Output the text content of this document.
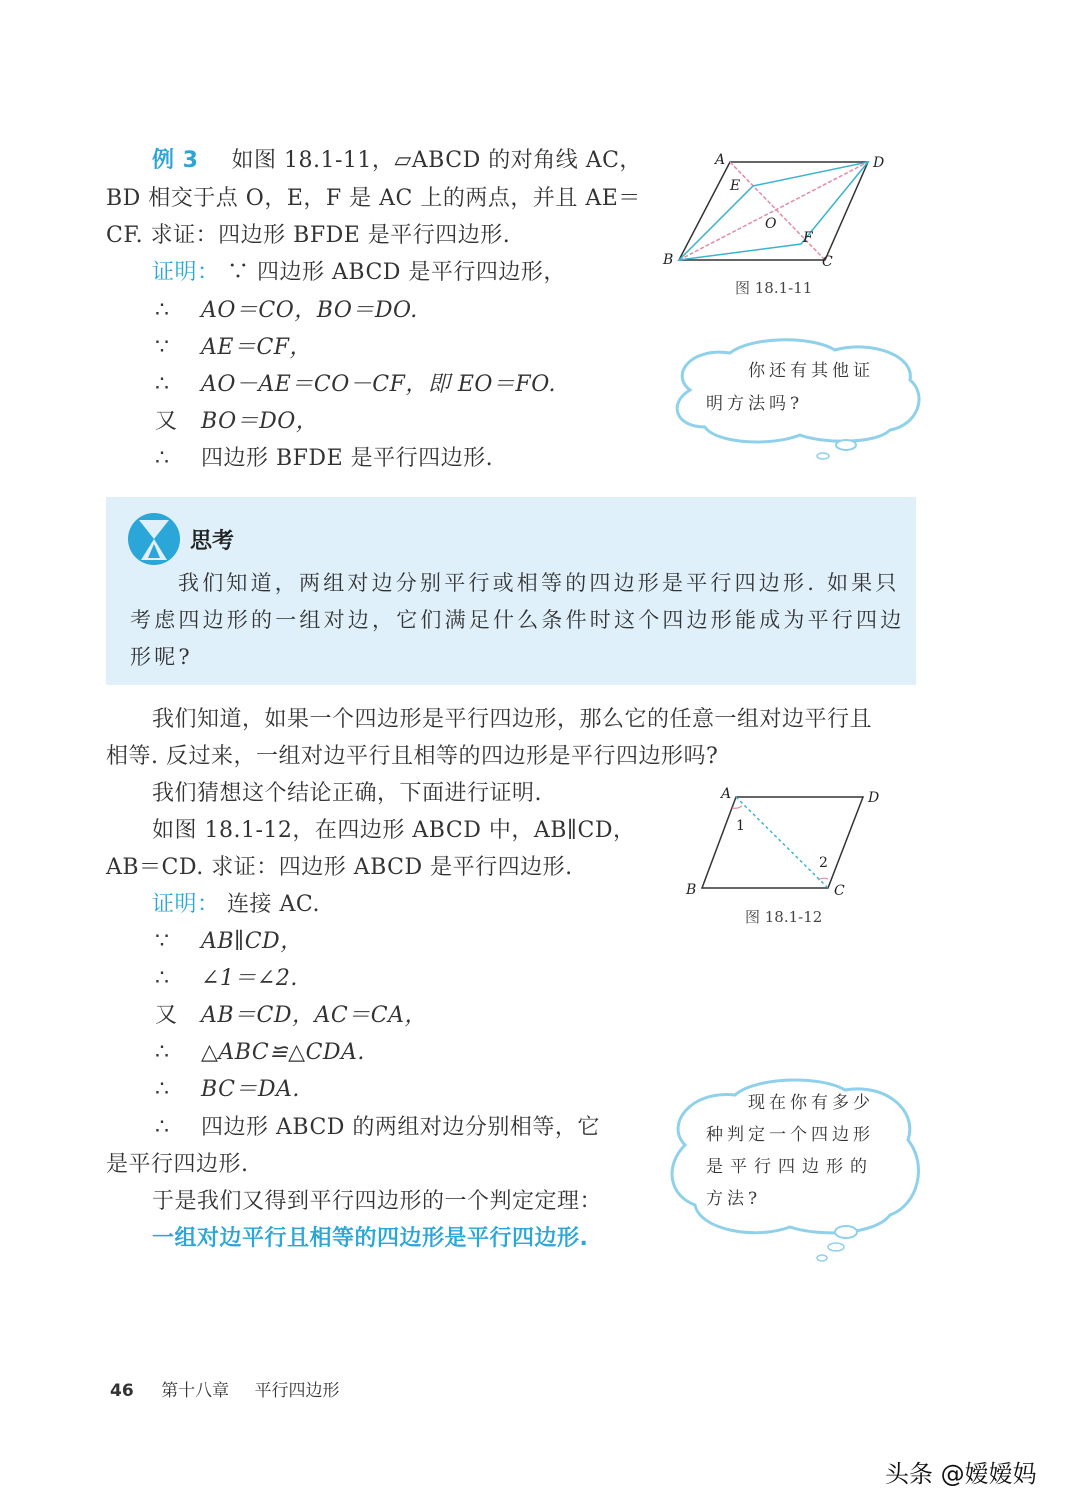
例 3 如图 18.1-11，▱ABCD 的对角线 AC，
BD 相交于点 O，E，F 是 AC 上的两点，并且 AE＝
CF. 求证：四边形 BFDE 是平行四边形.
证明： ∵ 四边形 ABCD 是平行四边形，
∴ AO＝CO，BO＝DO.
∵ AE＝CF，
∴ AO－AE＝CO－CF，即 EO＝FO.
又 BO＝DO，
∴ 四边形 BFDE 是平行四边形.
A	D
B	C
E
F
O
图 18.1-11
你还有其他证
明方法吗?
思考
我们知道，两组对边分别平行或相等的四边形是平行四边形. 如果只
考虑四边形的一组对边，它们满足什么条件时这个四边形能成为平行四边
形呢?
我们知道，如果一个四边形是平行四边形，那么它的任意一组对边平行且
相等. 反过来，一组对边平行且相等的四边形是平行四边形吗?
我们猜想这个结论正确，下面进行证明.
如图 18.1-12，在四边形 ABCD 中，AB∥CD，
AB＝CD. 求证：四边形 ABCD 是平行四边形.
A	D
B	C
1
2
图 18.1-12
证明： 连接 AC.
∵ AB∥CD，
∴ ∠1＝∠2.
又 AB＝CD，AC＝CA，
∴ △ABC≌△CDA.
∴ BC＝DA.
∴ 四边形 ABCD 的两组对边分别相等，它
是平行四边形.
于是我们又得到平行四边形的一个判定定理：
一组对边平行且相等的四边形是平行四边形.
现在你有多少
种判定一个四边形
是平行四边形的
方法?
46 第十八章 平行四边形
头条 @嫒嫒妈
